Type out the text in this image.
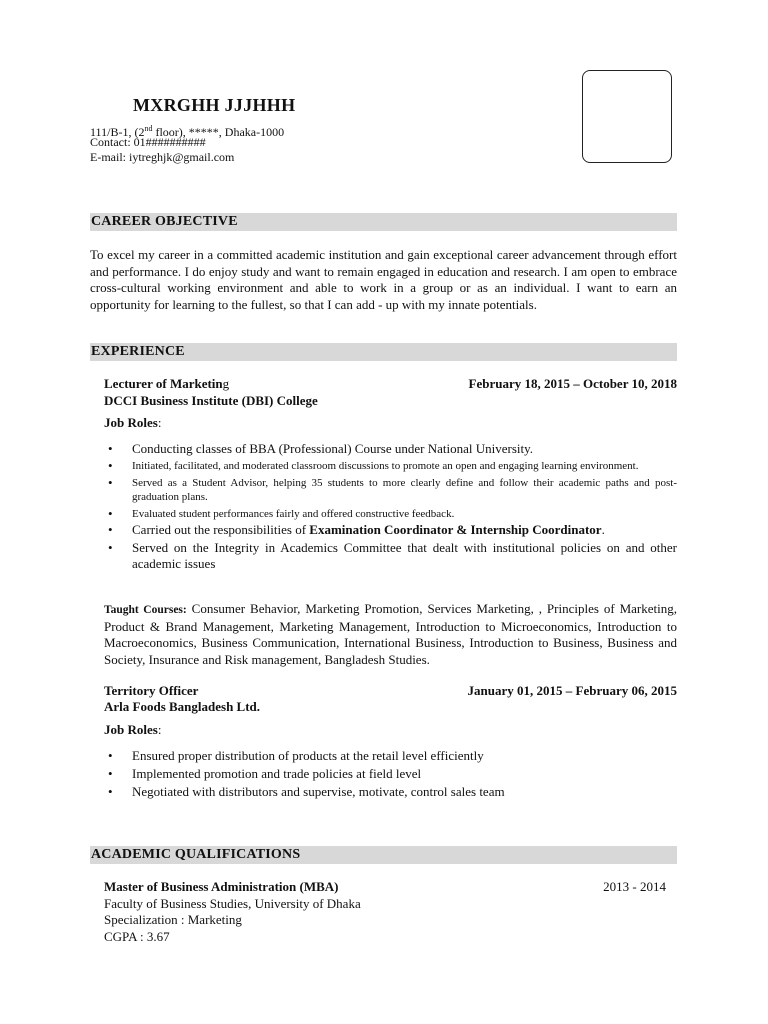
MXRGHH JJJHHH
111/B-1, (2nd floor), *****, Dhaka-1000
Contact: 01##########
E-mail: iytreghjk@gmail.com
CAREER OBJECTIVE
To excel my career in a committed academic institution and gain exceptional career advancement through effort and performance. I do enjoy study and want to remain engaged in education and research. I am open to embrace cross-cultural working environment and able to work in a group or as an individual. I want to earn an opportunity for learning to the fullest, so that I can add - up with my innate potentials.
EXPERIENCE
Lecturer of Marketing	February 18, 2015 – October 10, 2018
DCCI Business Institute (DBI) College
Job Roles:
• Conducting classes of BBA (Professional) Course under National University.
• Initiated, facilitated, and moderated classroom discussions to promote an open and engaging learning environment.
• Served as a Student Advisor, helping 35 students to more clearly define and follow their academic paths and post-graduation plans.
• Evaluated student performances fairly and offered constructive feedback.
• Carried out the responsibilities of Examination Coordinator & Internship Coordinator.
• Served on the Integrity in Academics Committee that dealt with institutional policies on and other academic issues
Taught Courses: Consumer Behavior, Marketing Promotion, Services Marketing, , Principles of Marketing, Product & Brand Management, Marketing Management, Introduction to Microeconomics, Introduction to Macroeconomics, Business Communication, International Business, Introduction to Business, Business and Society, Insurance and Risk management, Bangladesh Studies.
Territory Officer	January 01, 2015 – February 06, 2015
Arla Foods Bangladesh Ltd.
Job Roles:
• Ensured proper distribution of products at the retail level efficiently
• Implemented promotion and trade policies at field level
• Negotiated with distributors and supervise, motivate, control sales team
ACADEMIC QUALIFICATIONS
Master of Business Administration (MBA)	2013 - 2014
Faculty of Business Studies, University of Dhaka
Specialization : Marketing
CGPA : 3.67
